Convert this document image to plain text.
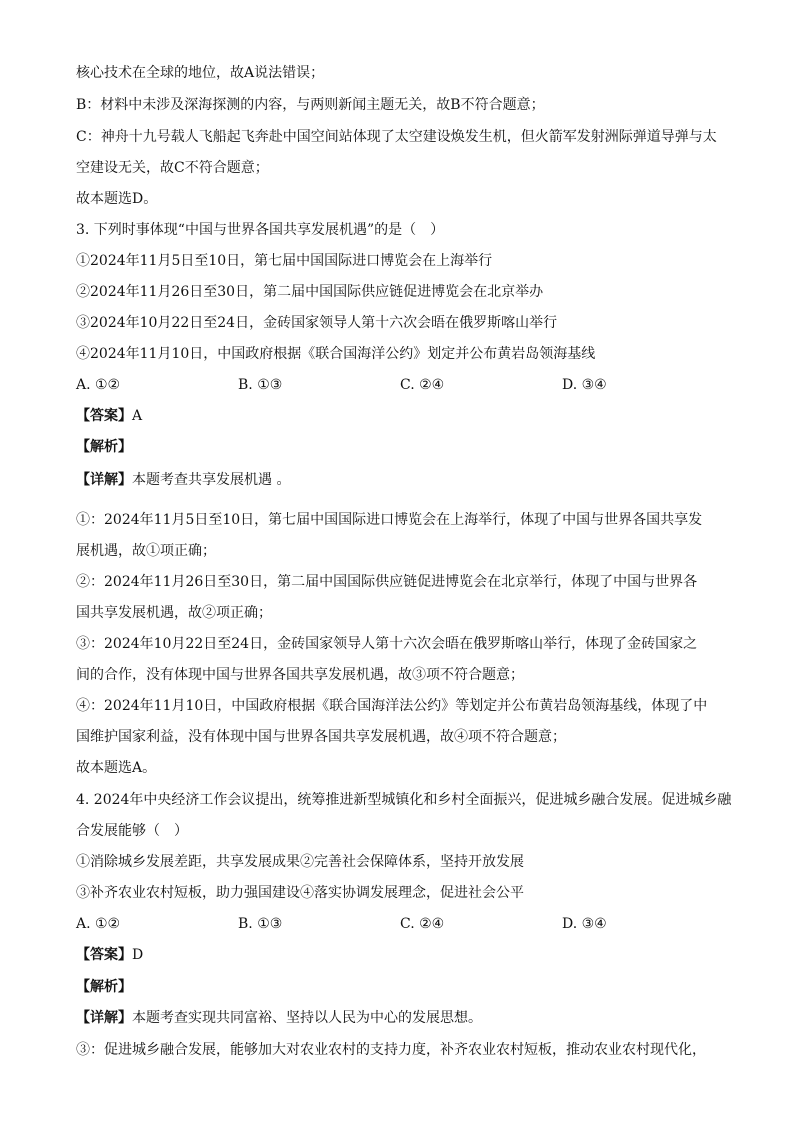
核心技术在全球的地位，故A说法错误；

B：材料中未涉及深海探测的内容，与两则新闻主题无关，故B不符合题意；

C：神舟十九号载人飞船起飞奔赴中国空间站体现了太空建设焕发生机，但火箭军发射洲际弹道导弹与太

空建设无关，故C不符合题意；

故本题选D。

3. 下列时事体现“中国与世界各国共享发展机遇”的是（　）

①2024年11月5日至10日，第七届中国国际进口博览会在上海举行

②2024年11月26日至30日，第二届中国国际供应链促进博览会在北京举办

③2024年10月22日至24日，金砖国家领导人第十六次会晤在俄罗斯喀山举行

④2024年11月10日，中国政府根据《联合国海洋公约》划定并公布黄岩岛领海基线

A. ①②	B. ①③	C. ②④	D. ③④

【答案】A

【解析】

【详解】本题考查共享发展机遇 。

①：2024年11月5日至10日，第七届中国国际进口博览会在上海举行，体现了中国与世界各国共享发

展机遇，故①项正确；

②：2024年11月26日至30日，第二届中国国际供应链促进博览会在北京举行，体现了中国与世界各

国共享发展机遇，故②项正确；

③：2024年10月22日至24日，金砖国家领导人第十六次会晤在俄罗斯喀山举行，体现了金砖国家之

间的合作，没有体现中国与世界各国共享发展机遇，故③项不符合题意；

④：2024年11月10日，中国政府根据《联合国海洋法公约》等划定并公布黄岩岛领海基线，体现了中

国维护国家利益，没有体现中国与世界各国共享发展机遇，故④项不符合题意；

故本题选A。

4. 2024年中央经济工作会议提出，统筹推进新型城镇化和乡村全面振兴，促进城乡融合发展。促进城乡融

合发展能够（　）

①消除城乡发展差距，共享发展成果②完善社会保障体系，坚持开放发展

③补齐农业农村短板，助力强国建设④落实协调发展理念，促进社会公平

A. ①②	B. ①③	C. ②④	D. ③④

【答案】D

【解析】

【详解】本题考查实现共同富裕、坚持以人民为中心的发展思想。

③：促进城乡融合发展，能够加大对农业农村的支持力度，补齐农业农村短板，推动农业农村现代化，
